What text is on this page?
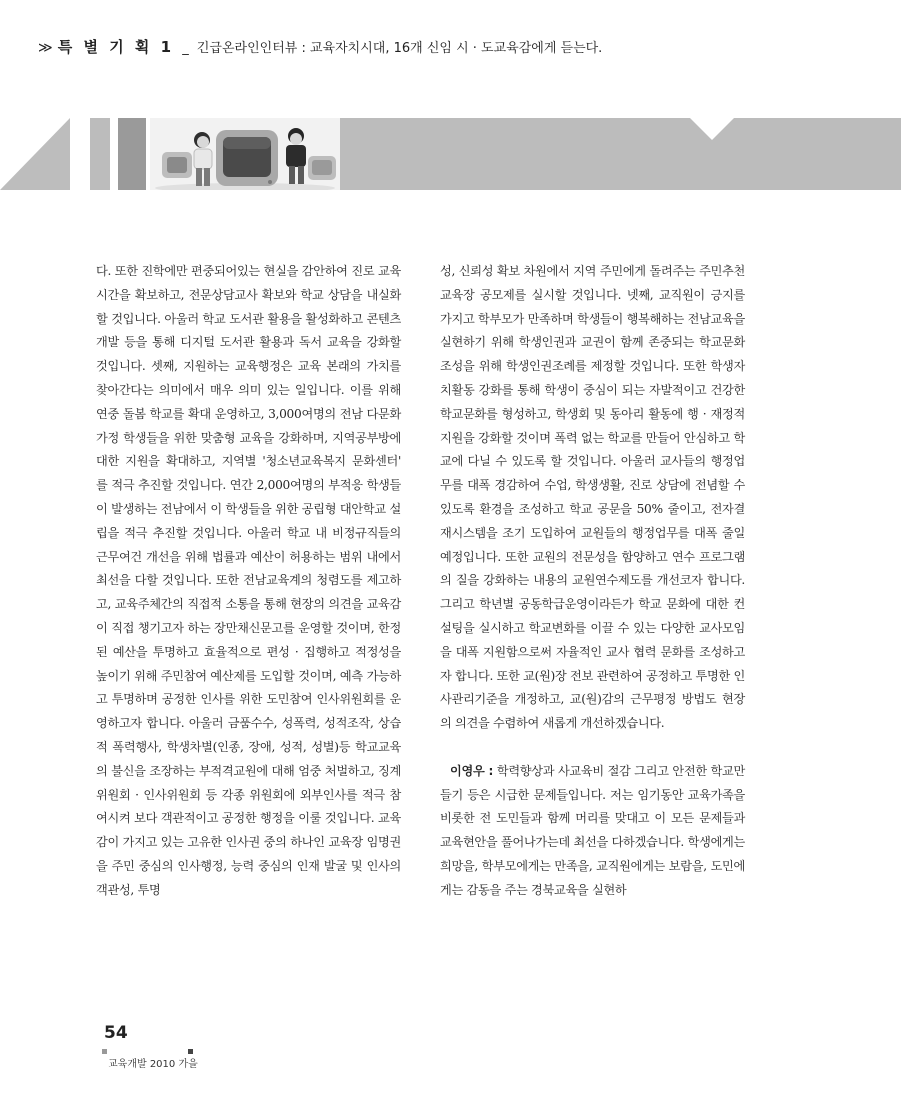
≫ 특 별 기 획 1 _ 긴급온라인인터뷰 : 교육자치시대, 16개 신임 시 · 도교육감에게 듣는다.

다. 또한 진학에만 편중되어있는 현실을 감안하여 진로 교육 시간을 확보하고, 전문상담교사 확보와 학교 상담을 내실화 할 것입니다. 아울러 학교 도서관 활용을 활성화하고 콘텐츠 개발 등을 통해 디지털 도서관 활용과 독서 교육을 강화할 것입니다. 셋째, 지원하는 교육행정은 교육 본래의 가치를 찾아간다는 의미에서 매우 의미 있는 일입니다. 이를 위해 연중 돌봄 학교를 확대 운영하고, 3,000여명의 전남 다문화가정 학생들을 위한 맞춤형 교육을 강화하며, 지역공부방에 대한 지원을 확대하고, 지역별 '청소년교육복지 문화센터' 를 적극 추진할 것입니다. 연간 2,000여명의 부적응 학생들이 발생하는 전남에서 이 학생들을 위한 공립형 대안학교 설립을 적극 추진할 것입니다. 아울러 학교 내 비정규직들의 근무여건 개선을 위해 법률과 예산이 허용하는 범위 내에서 최선을 다할 것입니다. 또한 전남교육계의 청렴도를 제고하고, 교육주체간의 직접적 소통을 통해 현장의 의견을 교육감이 직접 챙기고자 하는 장만채신문고를 운영할 것이며, 한정된 예산을 투명하고 효율적으로 편성 · 집행하고 적정성을 높이기 위해 주민참여 예산제를 도입할 것이며, 예측 가능하고 투명하며 공정한 인사를 위한 도민참여 인사위원회를 운영하고자 합니다. 아울러 금품수수, 성폭력, 성적조작, 상습적 폭력행사, 학생차별(인종, 장애, 성적, 성별)등 학교교육의 불신을 조장하는 부적격교원에 대해 엄중 처벌하고, 징계위원회 · 인사위원회 등 각종 위원회에 외부인사를 적극 참여시켜 보다 객관적이고 공정한 행정을 이룰 것입니다. 교육감이 가지고 있는 고유한 인사권 중의 하나인 교육장 임명권을 주민 중심의 인사행정, 능력 중심의 인재 발굴 및 인사의 객관성, 투명

성, 신뢰성 확보 차원에서 지역 주민에게 돌려주는 주민추천 교육장 공모제를 실시할 것입니다. 넷째, 교직원이 긍지를 가지고 학부모가 만족하며 학생들이 행복해하는 전남교육을 실현하기 위해 학생인권과 교권이 함께 존중되는 학교문화 조성을 위해 학생인권조례를 제정할 것입니다. 또한 학생자치활동 강화를 통해 학생이 중심이 되는 자발적이고 건강한 학교문화를 형성하고, 학생회 및 동아리 활동에 행 · 재정적 지원을 강화할 것이며 폭력 없는 학교를 만들어 안심하고 학교에 다닐 수 있도록 할 것입니다. 아울러 교사들의 행정업무를 대폭 경감하여 수업, 학생생활, 진로 상담에 전념할 수 있도록 환경을 조성하고 학교 공문을 50% 줄이고, 전자결재시스템을 조기 도입하여 교원들의 행정업무를 대폭 줄일 예정입니다. 또한 교원의 전문성을 함양하고 연수 프로그램의 질을 강화하는 내용의 교원연수제도를 개선코자 합니다. 그리고 학년별 공동학급운영이라든가 학교 문화에 대한 컨설팅을 실시하고 학교변화를 이끌 수 있는 다양한 교사모임을 대폭 지원함으로써 자율적인 교사 협력 문화를 조성하고자 합니다. 또한 교(원)장 전보 관련하여 공정하고 투명한 인사관리기준을 개정하고, 교(원)감의 근무평정 방법도 현장의 의견을 수렴하여 새롭게 개선하겠습니다.

이영우 : 학력향상과 사교육비 절감 그리고 안전한 학교만들기 등은 시급한 문제들입니다. 저는 임기동안 교육가족을 비롯한 전 도민들과 함께 머리를 맞대고 이 모든 문제들과 교육현안을 풀어나가는데 최선을 다하겠습니다. 학생에게는 희망을, 학부모에게는 만족을, 교직원에게는 보람을, 도민에게는 감동을 주는 경북교육을 실현하

54
교육개발 2010 가을
